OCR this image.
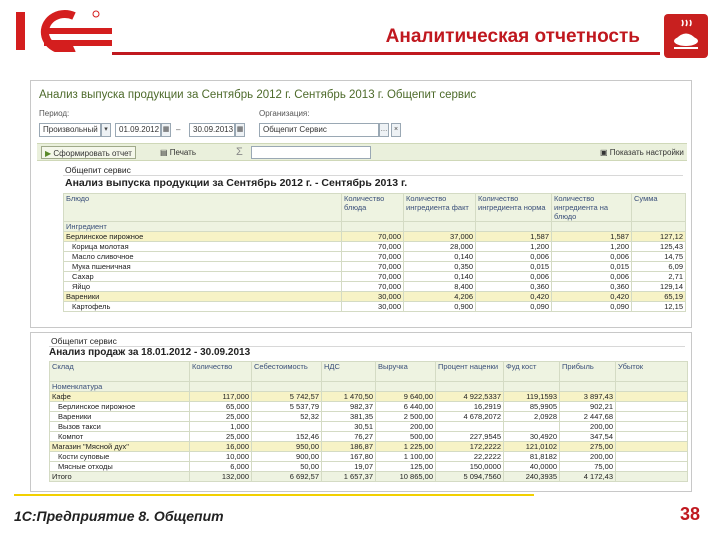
Аналитическая отчетность
Анализ выпуска продукции за Сентябрь 2012 г. Сентябрь 2013 г. Общепит сервис
Период:
Произвольный ▾	01.09.2012 ▦ –	30.09.2013 ▦
Организация:
Общепит Сервис	… ×
▶ Сформировать отчет	▤ Печать	Σ	▣ Показать настройки
Общепит сервис
Анализ выпуска продукции за Сентябрь 2012 г. - Сентябрь 2013 г.
Блюдо	Количество блюда	Количество ингредиента факт	Количество ингредиента норма	Количество ингредиента на блюдо	Сумма
Ингредиент					
Берлинское пирожное	70,000	37,000	1,587	1,587	127,12
Корица молотая	70,000	28,000	1,200	1,200	125,43
Масло сливочное	70,000	0,140	0,006	0,006	14,75
Мука пшеничная	70,000	0,350	0,015	0,015	6,09
Сахар	70,000	0,140	0,006	0,006	2,71
Яйцо	70,000	8,400	0,360	0,360	129,14
Вареники	30,000	4,206	0,420	0,420	65,19
Картофель	30,000	0,900	0,090	0,090	12,15
Общепит сервис
Анализ продаж за 18.01.2012 - 30.09.2013
Склад	Количество	Себестоимость	НДС	Выручка	Процент наценки	Фуд кост	Прибыль	Убыток
Номенклатура								
Кафе	117,000	5 742,57	1 470,50	9 640,00	4 922,5337	119,1593	3 897,43	
Берлинское пирожное	65,000	5 537,79	982,37	6 440,00	16,2919	85,9905	902,21	
Вареники	25,000	52,32	381,35	2 500,00	4 678,2072	2,0928	2 447,68	
Вызов такси	1,000		30,51	200,00			200,00	
Компот	25,000	152,46	76,27	500,00	227,9545	30,4920	347,54	
Магазин "Мясной дух"	16,000	950,00	186,87	1 225,00	172,2222	121,0102	275,00	
Кости суповые	10,000	900,00	167,80	1 100,00	22,2222	81,8182	200,00	
Мясные отходы	6,000	50,00	19,07	125,00	150,0000	40,0000	75,00	
Итого	132,000	6 692,57	1 657,37	10 865,00	5 094,7560	240,3935	4 172,43	
1С:Предприятие 8. Общепит	38
